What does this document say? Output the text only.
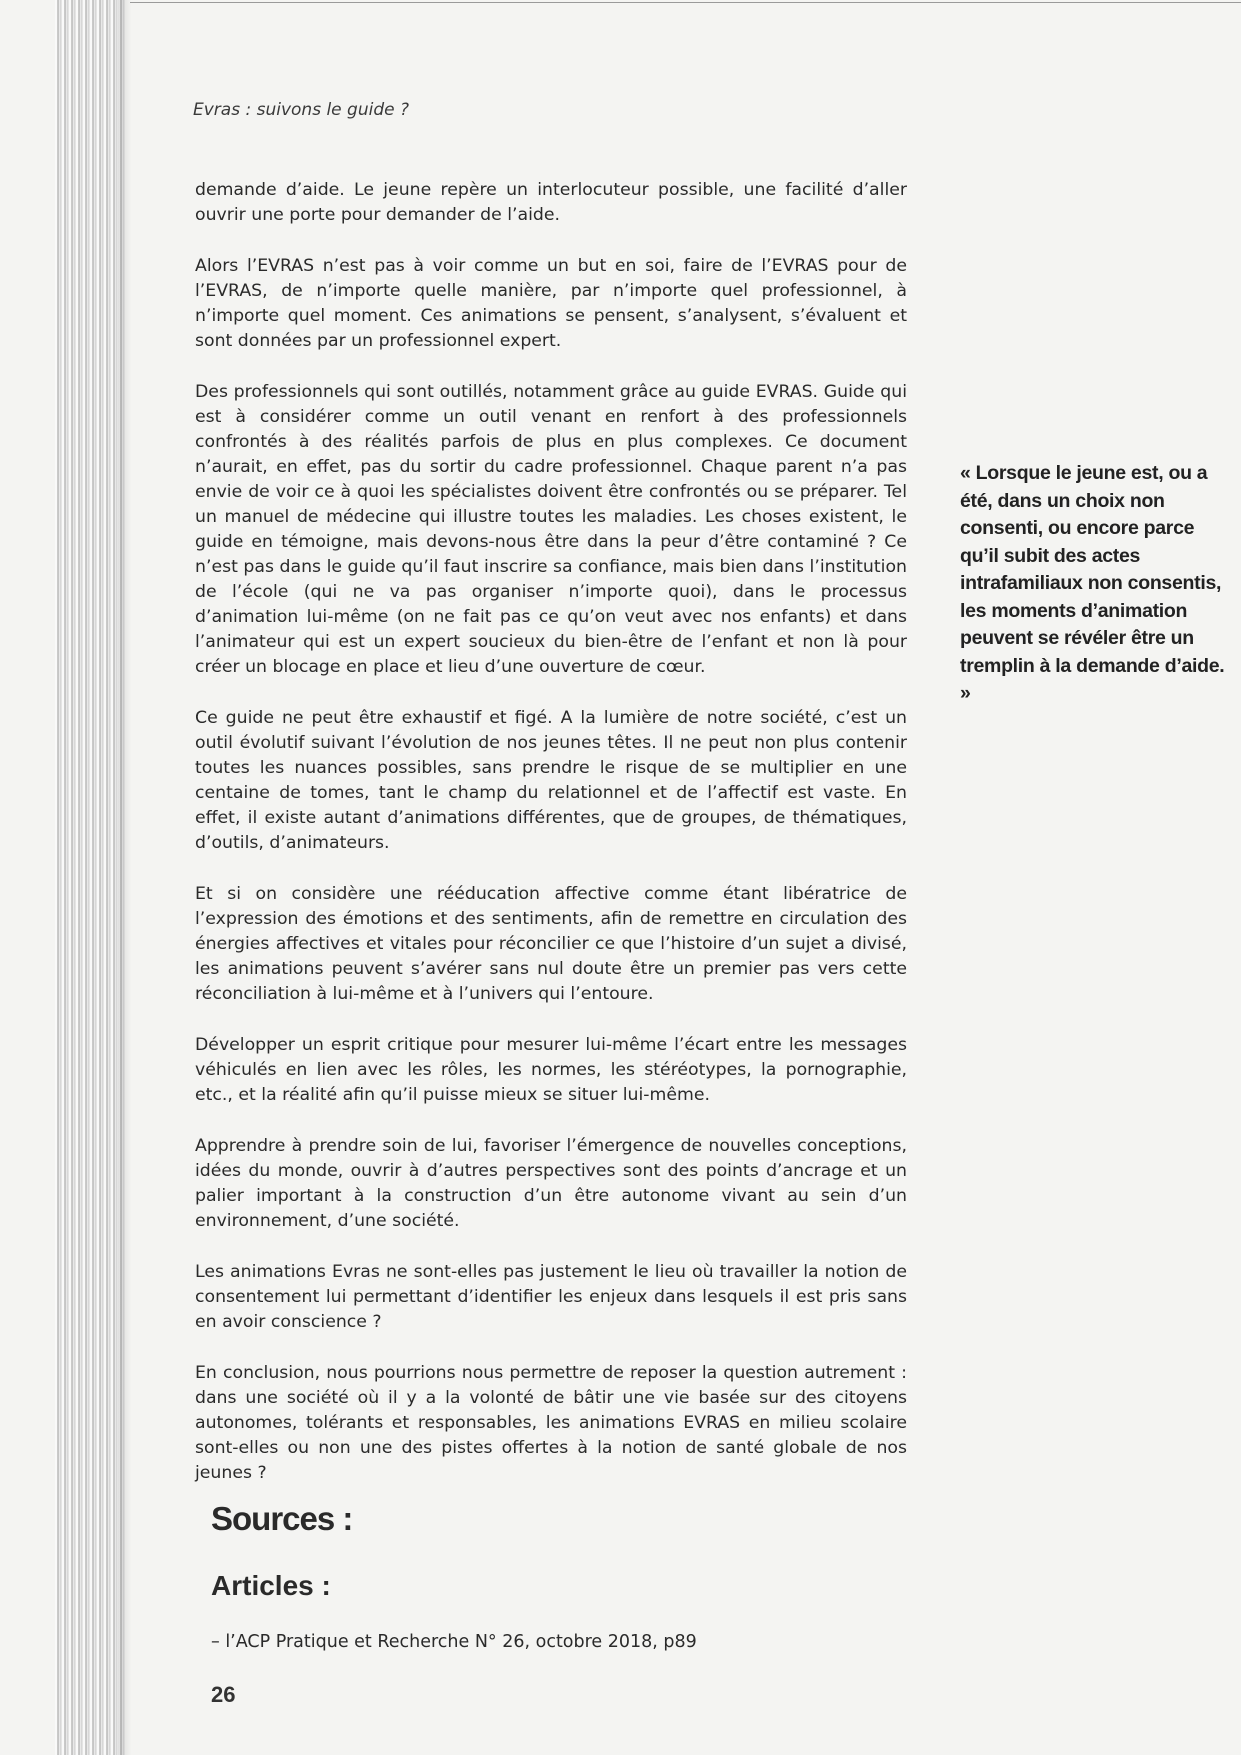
Evras : suivons le guide ?

demande d’aide. Le jeune repère un interlocuteur possible, une facilité d’aller ouvrir une porte pour demander de l’aide.

Alors l’EVRAS n’est pas à voir comme un but en soi, faire de l’EVRAS pour de l’EVRAS, de n’importe quelle manière, par n’importe quel professionnel, à n’importe quel moment. Ces animations se pensent, s’analysent, s’évaluent et sont données par un professionnel expert.

Des professionnels qui sont outillés, notamment grâce au guide EVRAS. Guide qui est à considérer comme un outil venant en renfort à des professionnels confrontés à des réalités parfois de plus en plus complexes. Ce document n’aurait, en effet, pas du sortir du cadre professionnel. Chaque parent n’a pas envie de voir ce à quoi les spécialistes doivent être confrontés ou se préparer. Tel un manuel de médecine qui illustre toutes les maladies. Les choses existent, le guide en témoigne, mais devons-nous être dans la peur d’être contaminé ? Ce n’est pas dans le guide qu’il faut inscrire sa confiance, mais bien dans l’institution de l’école (qui ne va pas organiser n’importe quoi), dans le processus d’animation lui-même (on ne fait pas ce qu’on veut avec nos enfants) et dans l’animateur qui est un expert soucieux du bien-être de l’enfant et non là pour créer un blocage en place et lieu d’une ouverture de cœur.

Ce guide ne peut être exhaustif et figé. A la lumière de notre société, c’est un outil évolutif suivant l’évolution de nos jeunes têtes. Il ne peut non plus contenir toutes les nuances possibles, sans prendre le risque de se multiplier en une centaine de tomes, tant le champ du relationnel et de l’affectif est vaste. En effet, il existe autant d’animations différentes, que de groupes, de thématiques, d’outils, d’animateurs.

Et si on considère une rééducation affective comme étant libératrice de l’expression des émotions et des sentiments, afin de remettre en circulation des énergies affectives et vitales pour réconcilier ce que l’histoire d’un sujet a divisé, les animations peuvent s’avérer sans nul doute être un premier pas vers cette réconciliation à lui-même et à l’univers qui l’entoure.

Développer un esprit critique pour mesurer lui-même l’écart entre les messages véhiculés en lien avec les rôles, les normes, les stéréotypes, la pornographie, etc., et la réalité afin qu’il puisse mieux se situer lui-même.

Apprendre à prendre soin de lui, favoriser l’émergence de nouvelles conceptions, idées du monde, ouvrir à d’autres perspectives sont des points d’ancrage et un palier important à la construction d’un être autonome vivant au sein d’un environnement, d’une société.

Les animations Evras ne sont-elles pas justement le lieu où travailler la notion de consentement lui permettant d’identifier les enjeux dans lesquels il est pris sans en avoir conscience ?

En conclusion, nous pourrions nous permettre de reposer la question autrement : dans une société où il y a la volonté de bâtir une vie basée sur des citoyens autonomes, tolérants et responsables, les animations EVRAS en milieu scolaire sont-elles ou non une des pistes offertes à la notion de santé globale de nos jeunes ?

« Lorsque le jeune est, ou a été, dans un choix non consenti, ou encore parce qu’il subit des actes intrafamiliaux non consentis, les moments d’animation peuvent se révéler être un tremplin à la demande d’aide. »

Sources :
Articles :

– l’ACP Pratique et Recherche N° 26, octobre 2018, p89

26
